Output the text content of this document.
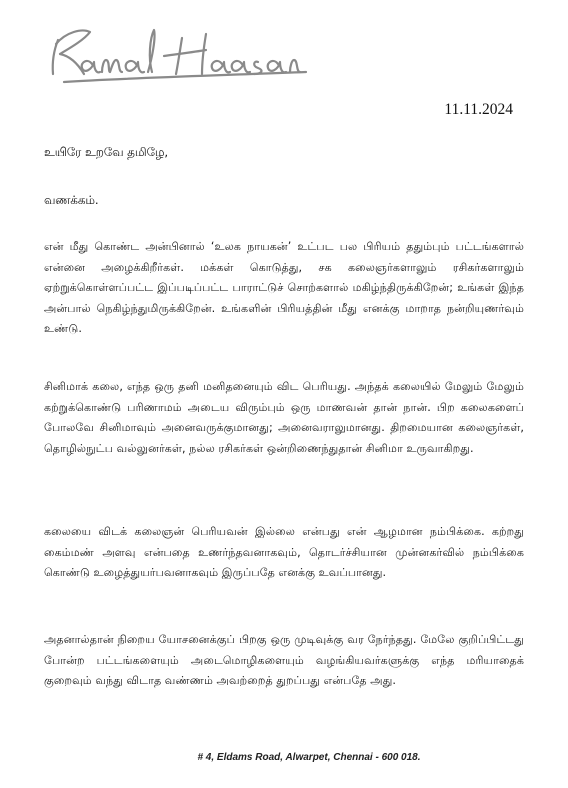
11.11.2024
உயிரே உறவே தமிழே,
வணக்கம்.

என் மீது கொண்ட அன்பினால் ‘உலக நாயகன்’ உட்பட பல பிரியம் ததும்பும் பட்டங்களால் என்னை அழைக்கிறீர்கள். மக்கள் கொடுத்து, சக கலைஞர்களாலும் ரசிகர்களாலும் ஏற்றுக்கொள்ளப்பட்ட இப்படிப்பட்ட பாராட்டுச் சொற்களால் மகிழ்ந்திருக்கிறேன்; உங்கள் இந்த அன்பால் நெகிழ்ந்துமிருக்கிறேன். உங்களின் பிரியத்தின் மீது எனக்கு மாறாத நன்றியுணர்வும் உண்டு.

சினிமாக் கலை, எந்த ஒரு தனி மனிதனையும் விட பெரியது. அந்தக் கலையில் மேலும் மேலும் கற்றுக்கொண்டு பரிணாமம் அடைய விரும்பும் ஒரு மாணவன் தான் நான். பிற கலைகளைப் போலவே சினிமாவும் அனைவருக்குமானது; அனைவராலுமானது. திறமையான கலைஞர்கள், தொழில்நுட்ப வல்லுனர்கள், நல்ல ரசிகர்கள் ஒன்றிணைந்துதான் சினிமா உருவாகிறது.

கலையை விடக் கலைஞன் பெரியவன் இல்லை என்பது என் ஆழமான நம்பிக்கை. கற்றது கைம்மண் அளவு என்பதை உணர்ந்தவனாகவும், தொடர்ச்சியான முன்னகர்வில் நம்பிக்கை கொண்டு உழைத்துயர்பவனாகவும் இருப்பதே எனக்கு உவப்பானது.

அதனால்தான் நிறைய யோசனைக்குப் பிறகு ஒரு முடிவுக்கு வர நேர்ந்தது. மேலே குறிப்பிட்டது போன்ற பட்டங்களையும் அடைமொழிகளையும் வழங்கியவர்களுக்கு எந்த மரியாதைக் குறைவும் வந்து விடாத வண்ணம் அவற்றைத் துறப்பது என்பதே அது.

# 4, Eldams Road, Alwarpet, Chennai - 600 018.
